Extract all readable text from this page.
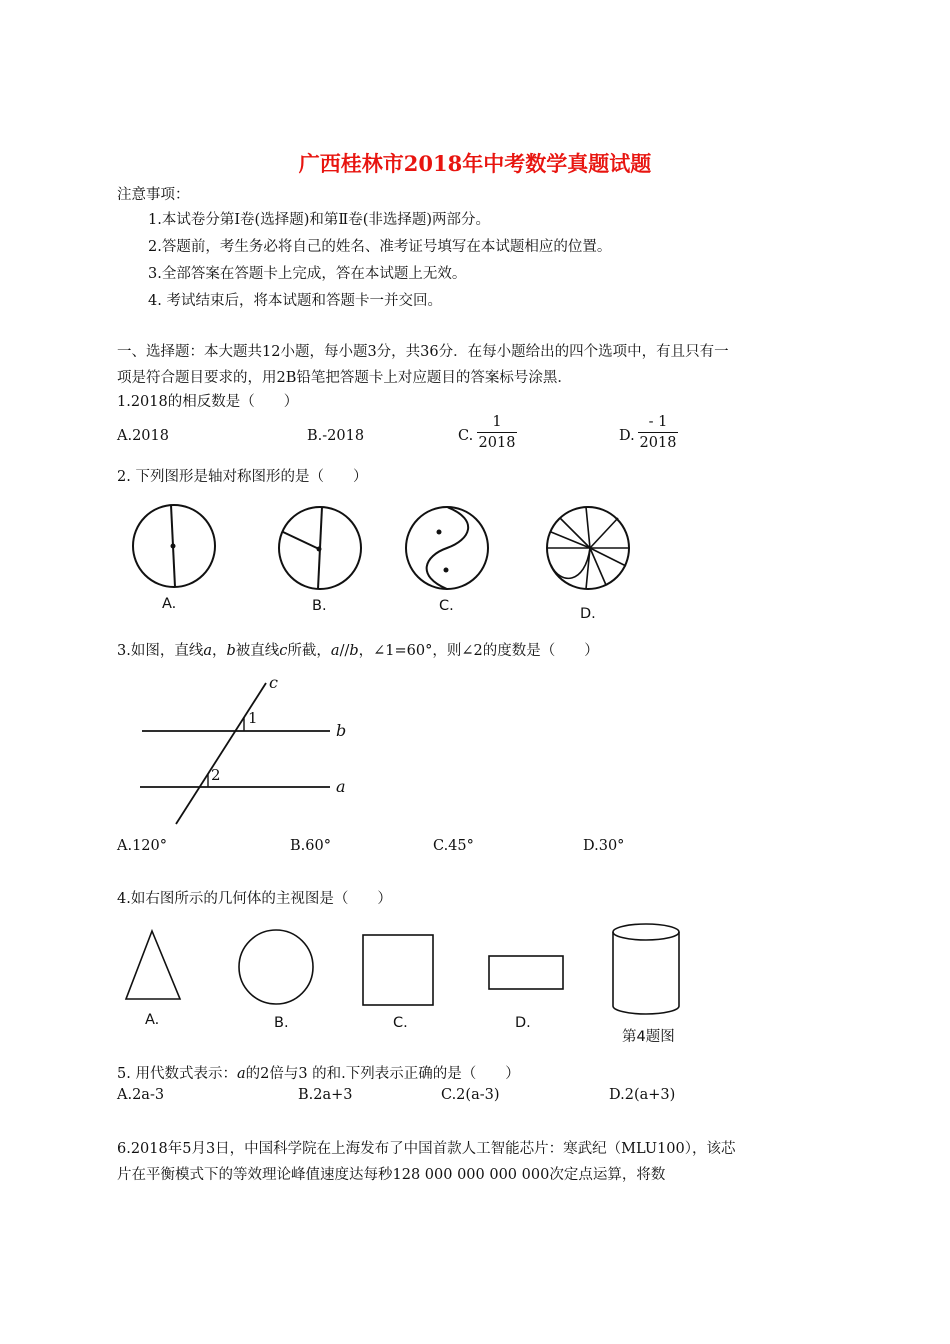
广西桂林市2018年中考数学真题试题
注意事项：
1.本试卷分第Ⅰ卷(选择题)和第Ⅱ卷(非选择题)两部分。
2.答题前，考生务必将自己的姓名、准考证号填写在本试题相应的位置。
3.全部答案在答题卡上完成，答在本试题上无效。
4. 考试结束后，将本试题和答题卡一并交回。
一、选择题：本大题共12小题，每小题3分，共36分．在每小题给出的四个选项中，有且只有一
项是符合题目要求的，用2B铅笔把答题卡上对应题目的答案标号涂黑．
1.2018的相反数是（　　）
A.2018	B.-2018	C. $\frac{1}{2018}$	D. $\frac{- 1}{2018}$
2. 下列图形是轴对称图形的是（　　）
A.	B.	C.	D.
3.如图，直线a，b被直线c所截，a//b，∠1=60°，则∠2的度数是（　　）
c
b
a
1
2
A.120°	B.60°	C.45°	D.30°
4.如右图所示的几何体的主视图是（　　）
A.	B.	C.	D.
第4题图
5. 用代数式表示：a的2倍与3 的和.下列表示正确的是（　　）
A.2a-3	B.2a+3	C.2(a-3)	D.2(a+3)
6.2018年5月3日，中国科学院在上海发布了中国首款人工智能芯片：寒武纪（MLU100），该芯
片在平衡模式下的等效理论峰值速度达每秒128 000 000 000 000次定点运算，将数
